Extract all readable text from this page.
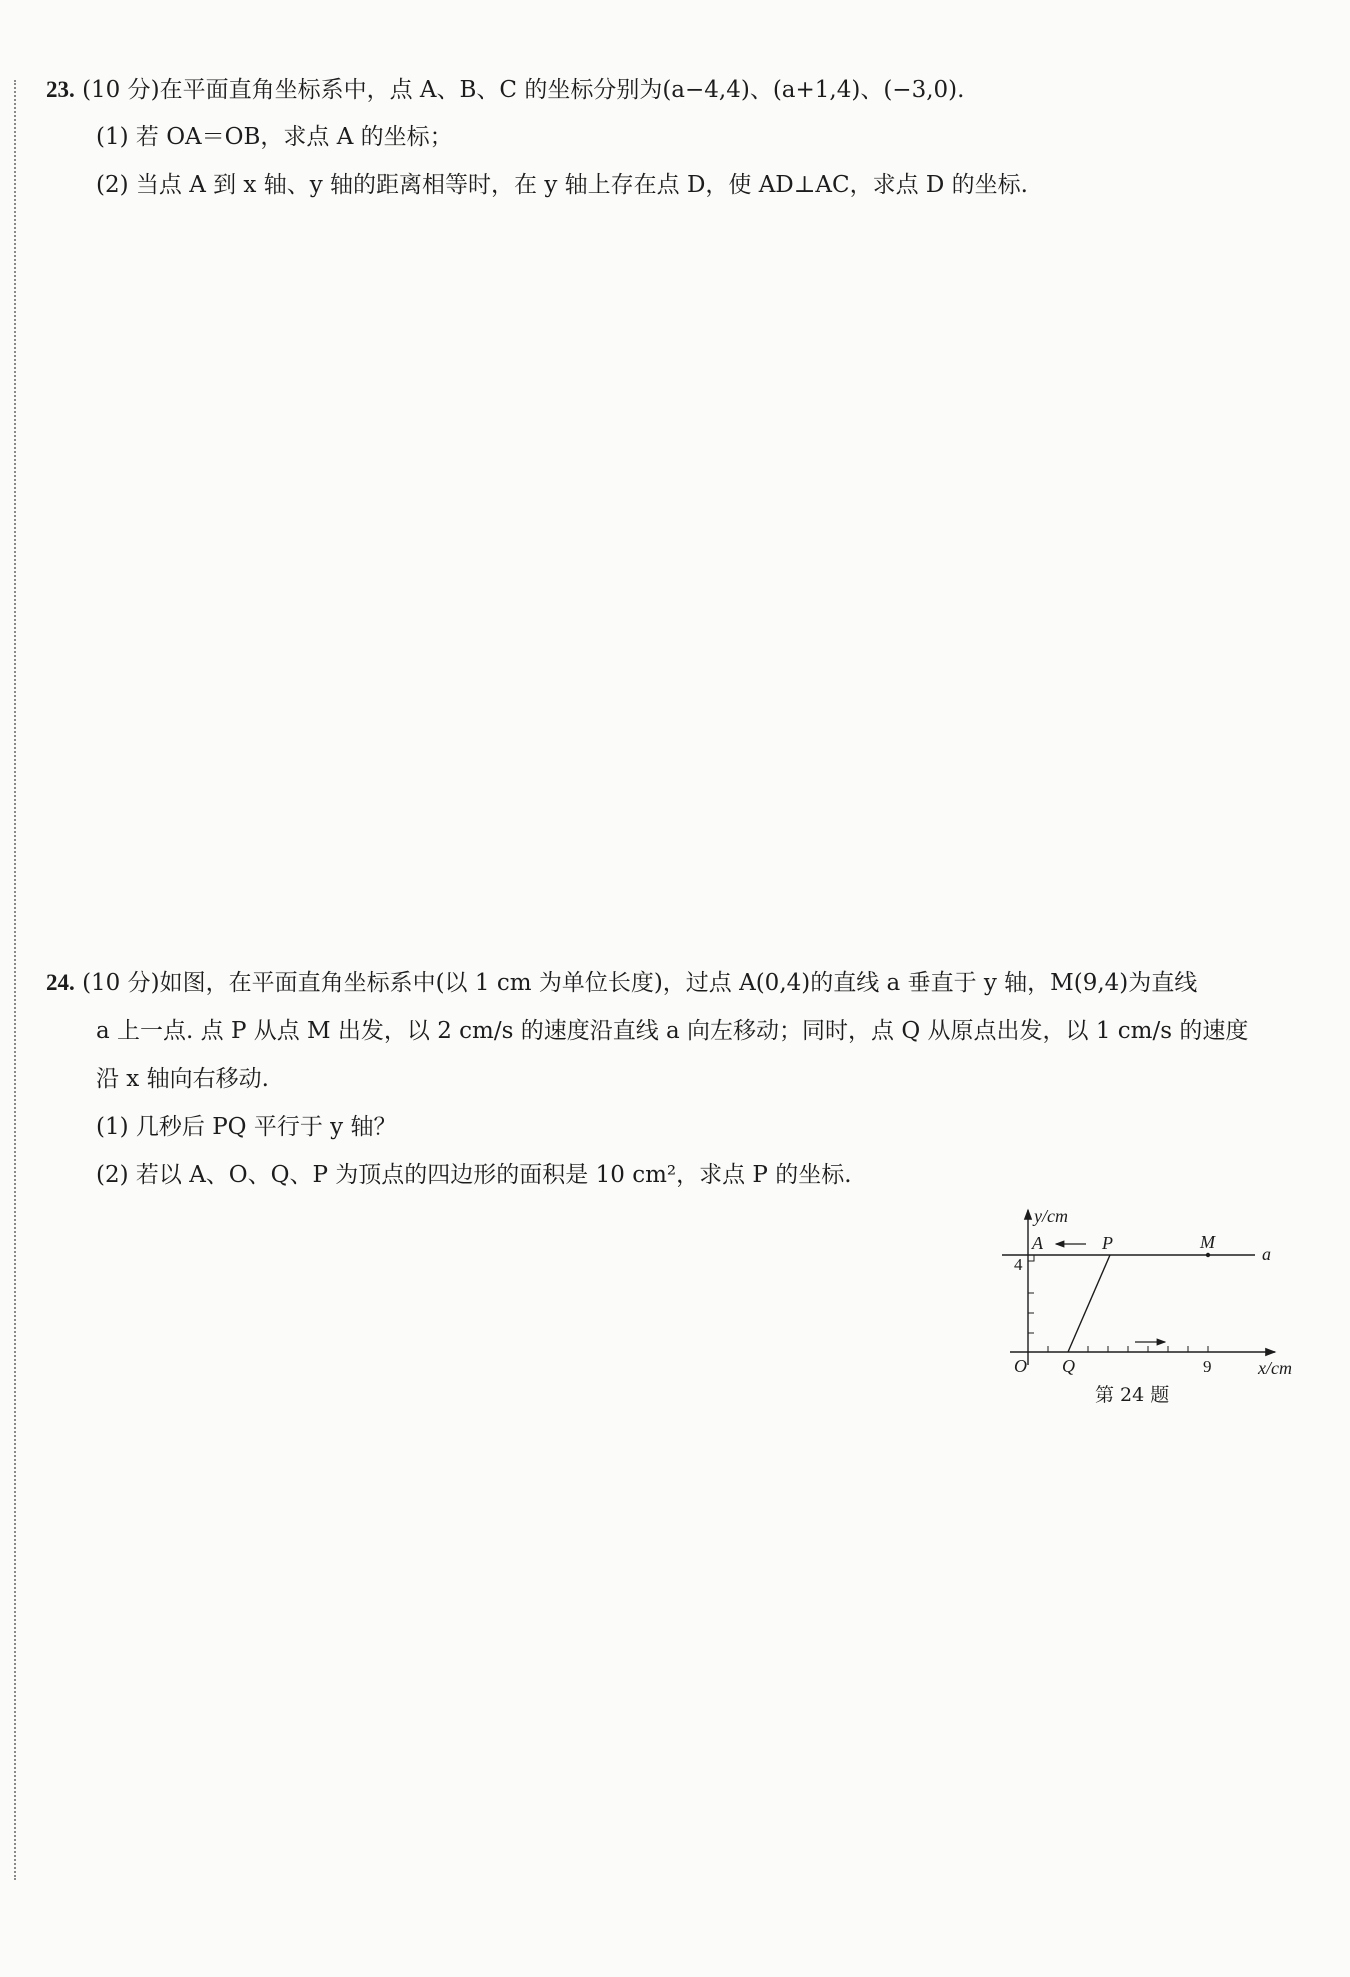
23. (10 分)在平面直角坐标系中，点 A、B、C 的坐标分别为(a−4,4)、(a+1,4)、(−3,0).
(1) 若 OA＝OB，求点 A 的坐标；
(2) 当点 A 到 x 轴、y 轴的距离相等时，在 y 轴上存在点 D，使 AD⊥AC，求点 D 的坐标.
24. (10 分)如图，在平面直角坐标系中(以 1 cm 为单位长度)，过点 A(0,4)的直线 a 垂直于 y 轴，M(9,4)为直线
a 上一点. 点 P 从点 M 出发，以 2 cm/s 的速度沿直线 a 向左移动；同时，点 Q 从原点出发，以 1 cm/s 的速度
沿 x 轴向右移动.
(1) 几秒后 PQ 平行于 y 轴？
(2) 若以 A、O、Q、P 为顶点的四边形的面积是 10 cm²，求点 P 的坐标.
y/cm
x/cm
O
A	P	M
Q
a
4
9
第 24 题
